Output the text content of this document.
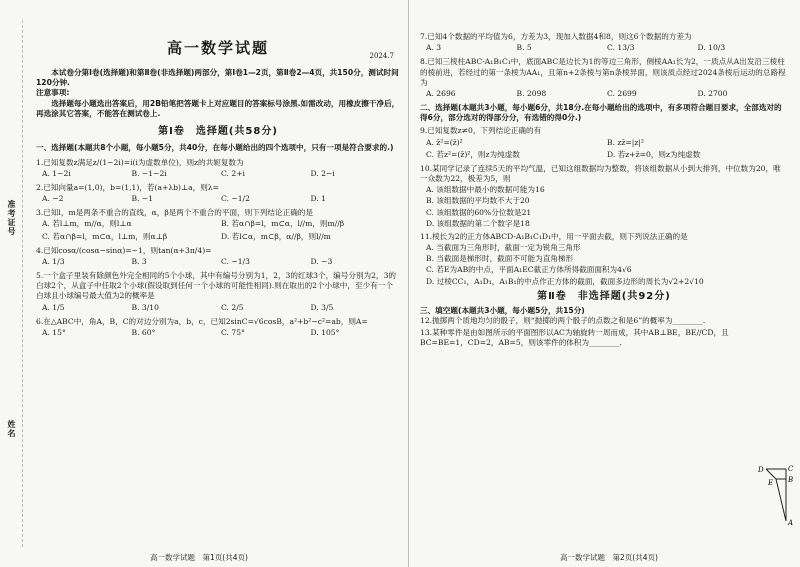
准考证号
姓名
高一数学试题	2024.7

本试卷分第Ⅰ卷(选择题)和第Ⅱ卷(非选择题)两部分，第Ⅰ卷1—2页，第Ⅱ卷2—4页，共150分，测试时间120分钟.

注意事项:

选择题每小题选出答案后，用2B铅笔把答题卡上对应题目的答案标号涂黑.如需改动，用橡皮擦干净后，再选涂其它答案，不能答在测试卷上.

第Ⅰ卷　选择题(共58分)

一、选择题(本题共8个小题，每小题5分，共40分，在每小题给出的四个选项中，只有一项是符合要求的.)

1.已知复数z满足z/(1−2i)=i(i为虚数单位)，则z的共轭复数为

A. 1−2i	B. −1−2i	C. 2+i	D. 2−i

2.已知向量a=(1,0)，b=(1,1)，若(a+λb)⊥a，则λ=

A. −2	B. −1	C. −1/2	D. 1

3.已知l，m是两条不重合的直线，α，β是两个不重合的平面，则下列结论正确的是

A. 若l⊥m，m//α，则l⊥α	B. 若α∩β=l，m⊂α，l//m，则m//β
C. 若α∩β=l，m⊂α，l⊥m，则α⊥β	D. 若l⊂α，m⊂β，α//β，则l//m

4.已知cosα/(cosα−sinα)=−1，则tan(α+3π/4)=

A. 1/3	B. 3	C. −1/3	D. −3

5.一个盒子里装有除颜色外完全相同的5个小球，其中有编号分别为1，2，3的红球3个，编号分别为2，3的白球2个，从盒子中任取2个小球(假设取到任何一个小球的可能性相同).则在取出的2个小球中，至少有一个白球且小球编号最大值为2的概率是

A. 1/5	B. 3/10	C. 2/5	D. 3/5

6.在△ABC中，角A，B，C的对边分别为a，b，c，已知2sinC=√6cosB，a²+b²−c²=ab，则A=

A. 15°	B. 60°	C. 75°	D. 105°
高一数学试题　第1页(共4页)

7.已知4个数据的平均值为6，方差为3，现加入数据4和8，则这6个数据的方差为

A. 3	B. 5	C. 13/3	D. 10/3

8.已知三棱柱ABC-A₁B₁C₁中，底面ABC是边长为1的等边三角形，侧棱AA₁长为2，一质点从A出发沿三棱柱的棱前进，若经过的第一条棱为AA₁，且第n+2条棱与第n条棱异面，则该质点经过2024条棱后运动的总路程为

A. 2696	B. 2098	C. 2699	D. 2700

二、选择题(本题共3小题，每小题6分，共18分.在每小题给出的选项中，有多项符合题目要求，全部选对的得6分，部分选对的得部分分，有选错的得0分.)

9.已知复数z≠0，下列结论正确的有

A. z̄²=(z̄)²	B. zz̄=|z|²
C. 若z²=(z̄)²，则z为纯虚数	D. 若z+z̄=0，则z为纯虚数

10.某同学记录了连续5天的平均气温，已知这组数据均为整数，将该组数据从小到大排列，中位数为20，唯一众数为22，极差为5，则

A. 该组数据中最小的数据可能为16
B. 该组数据的平均数不大于20
C. 该组数据的60%分位数是21
D. 该组数据的第二个数字是18

11.棱长为2的正方体ABCD-A₁B₁C₁D₁中，用一平面去截，则下列说法正确的是

A. 当截面为三角形时，截面一定为锐角三角形
B. 当截面是梯形时，截面不可能为直角梯形
C. 若E为AB的中点，平面A₁EC截正方体所得截面面积为4√6
D. 过棱CC₁，A₁D₁，A₁B₁的中点作正方体的截面，截面多边形的周长为√2+2√10
第Ⅱ卷　非选择题(共92分)

三、填空题(本题共3小题，每小题5分，共15分)

12.抛掷两个质地均匀的骰子，则“抛掷的两个骰子的点数之和是6”的概率为________.

13.某种零件是由如图所示的平面图形以AC为轴旋转一周而成，其中AB⊥BE，BE//CD，且BC=BE=1，CD=2，AB=5，则该零件的体积为________.

D	C
B
E
A
高一数学试题　第2页(共4页)
